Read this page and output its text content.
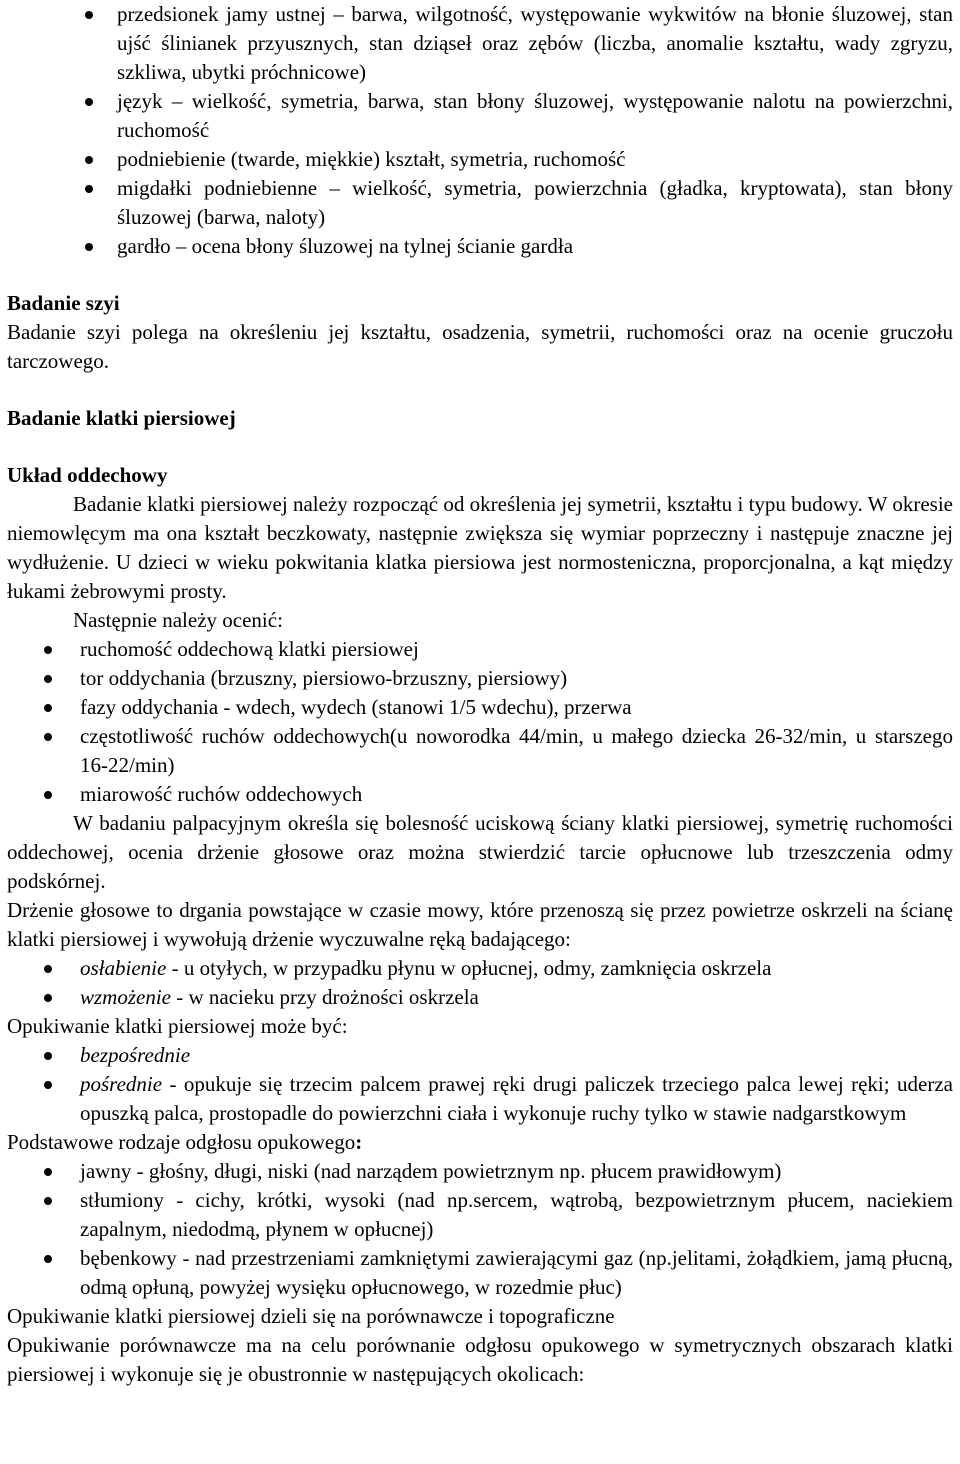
przedsionek jamy ustnej – barwa, wilgotność, występowanie wykwitów na błonie śluzowej, stan ujść ślinianek przyusznych, stan dziąseł oraz zębów (liczba, anomalie kształtu, wady zgryzu, szkliwa, ubytki próchnicowe)
język – wielkość, symetria, barwa, stan błony śluzowej, występowanie nalotu na powierzchni, ruchomość
podniebienie (twarde, miękkie) kształt, symetria, ruchomość
migdałki podniebienne – wielkość, symetria, powierzchnia (gładka, kryptowata), stan błony śluzowej (barwa, naloty)
gardło – ocena błony śluzowej na tylnej ścianie gardła

Badanie szyi

Badanie szyi polega na określeniu jej kształtu, osadzenia, symetrii, ruchomości oraz na ocenie gruczołu tarczowego.

Badanie klatki piersiowej

Układ oddechowy

Badanie klatki piersiowej należy rozpocząć od określenia jej symetrii, kształtu i typu budowy. W okresie niemowlęcym ma ona kształt beczkowaty, następnie zwiększa się wymiar poprzeczny i następuje znaczne jej wydłużenie. U dzieci w wieku pokwitania klatka piersiowa jest normosteniczna, proporcjonalna, a kąt między łukami żebrowymi prosty.

Następnie należy ocenić:

ruchomość oddechową klatki piersiowej
tor oddychania (brzuszny, piersiowo-brzuszny, piersiowy)
fazy oddychania - wdech, wydech (stanowi 1/5 wdechu), przerwa
częstotliwość ruchów oddechowych(u noworodka 44/min, u małego dziecka 26-32/min, u starszego 16-22/min)
miarowość ruchów oddechowych

W badaniu palpacyjnym określa się bolesność uciskową ściany klatki piersiowej, symetrię ruchomości oddechowej, ocenia drżenie głosowe oraz można stwierdzić tarcie opłucnowe lub trzeszczenia odmy podskórnej.

Drżenie głosowe to drgania powstające w czasie mowy, które przenoszą się przez powietrze oskrzeli na ścianę klatki piersiowej i wywołują drżenie wyczuwalne ręką badającego:

osłabienie - u otyłych, w przypadku płynu w opłucnej, odmy, zamknięcia oskrzela
wzmożenie - w nacieku przy drożności oskrzela

Opukiwanie klatki piersiowej może być:

bezpośrednie
pośrednie - opukuje się trzecim palcem prawej ręki drugi paliczek trzeciego palca lewej ręki; uderza opuszką palca, prostopadle do powierzchni ciała i wykonuje ruchy tylko w stawie nadgarstkowym

Podstawowe rodzaje odgłosu opukowego:

jawny - głośny, długi, niski (nad narządem powietrznym np. płucem prawidłowym)
stłumiony - cichy, krótki, wysoki (nad np.sercem, wątrobą, bezpowietrznym płucem, naciekiem zapalnym, niedodmą, płynem w opłucnej)
bębenkowy - nad przestrzeniami zamkniętymi zawierającymi gaz (np.jelitami, żołądkiem, jamą płucną, odmą opłuną, powyżej wysięku opłucnowego, w rozedmie płuc)

Opukiwanie klatki piersiowej dzieli się na porównawcze i topograficzne

Opukiwanie porównawcze ma na celu porównanie odgłosu opukowego w symetrycznych obszarach klatki piersiowej i wykonuje się je obustronnie w następujących okolicach:
